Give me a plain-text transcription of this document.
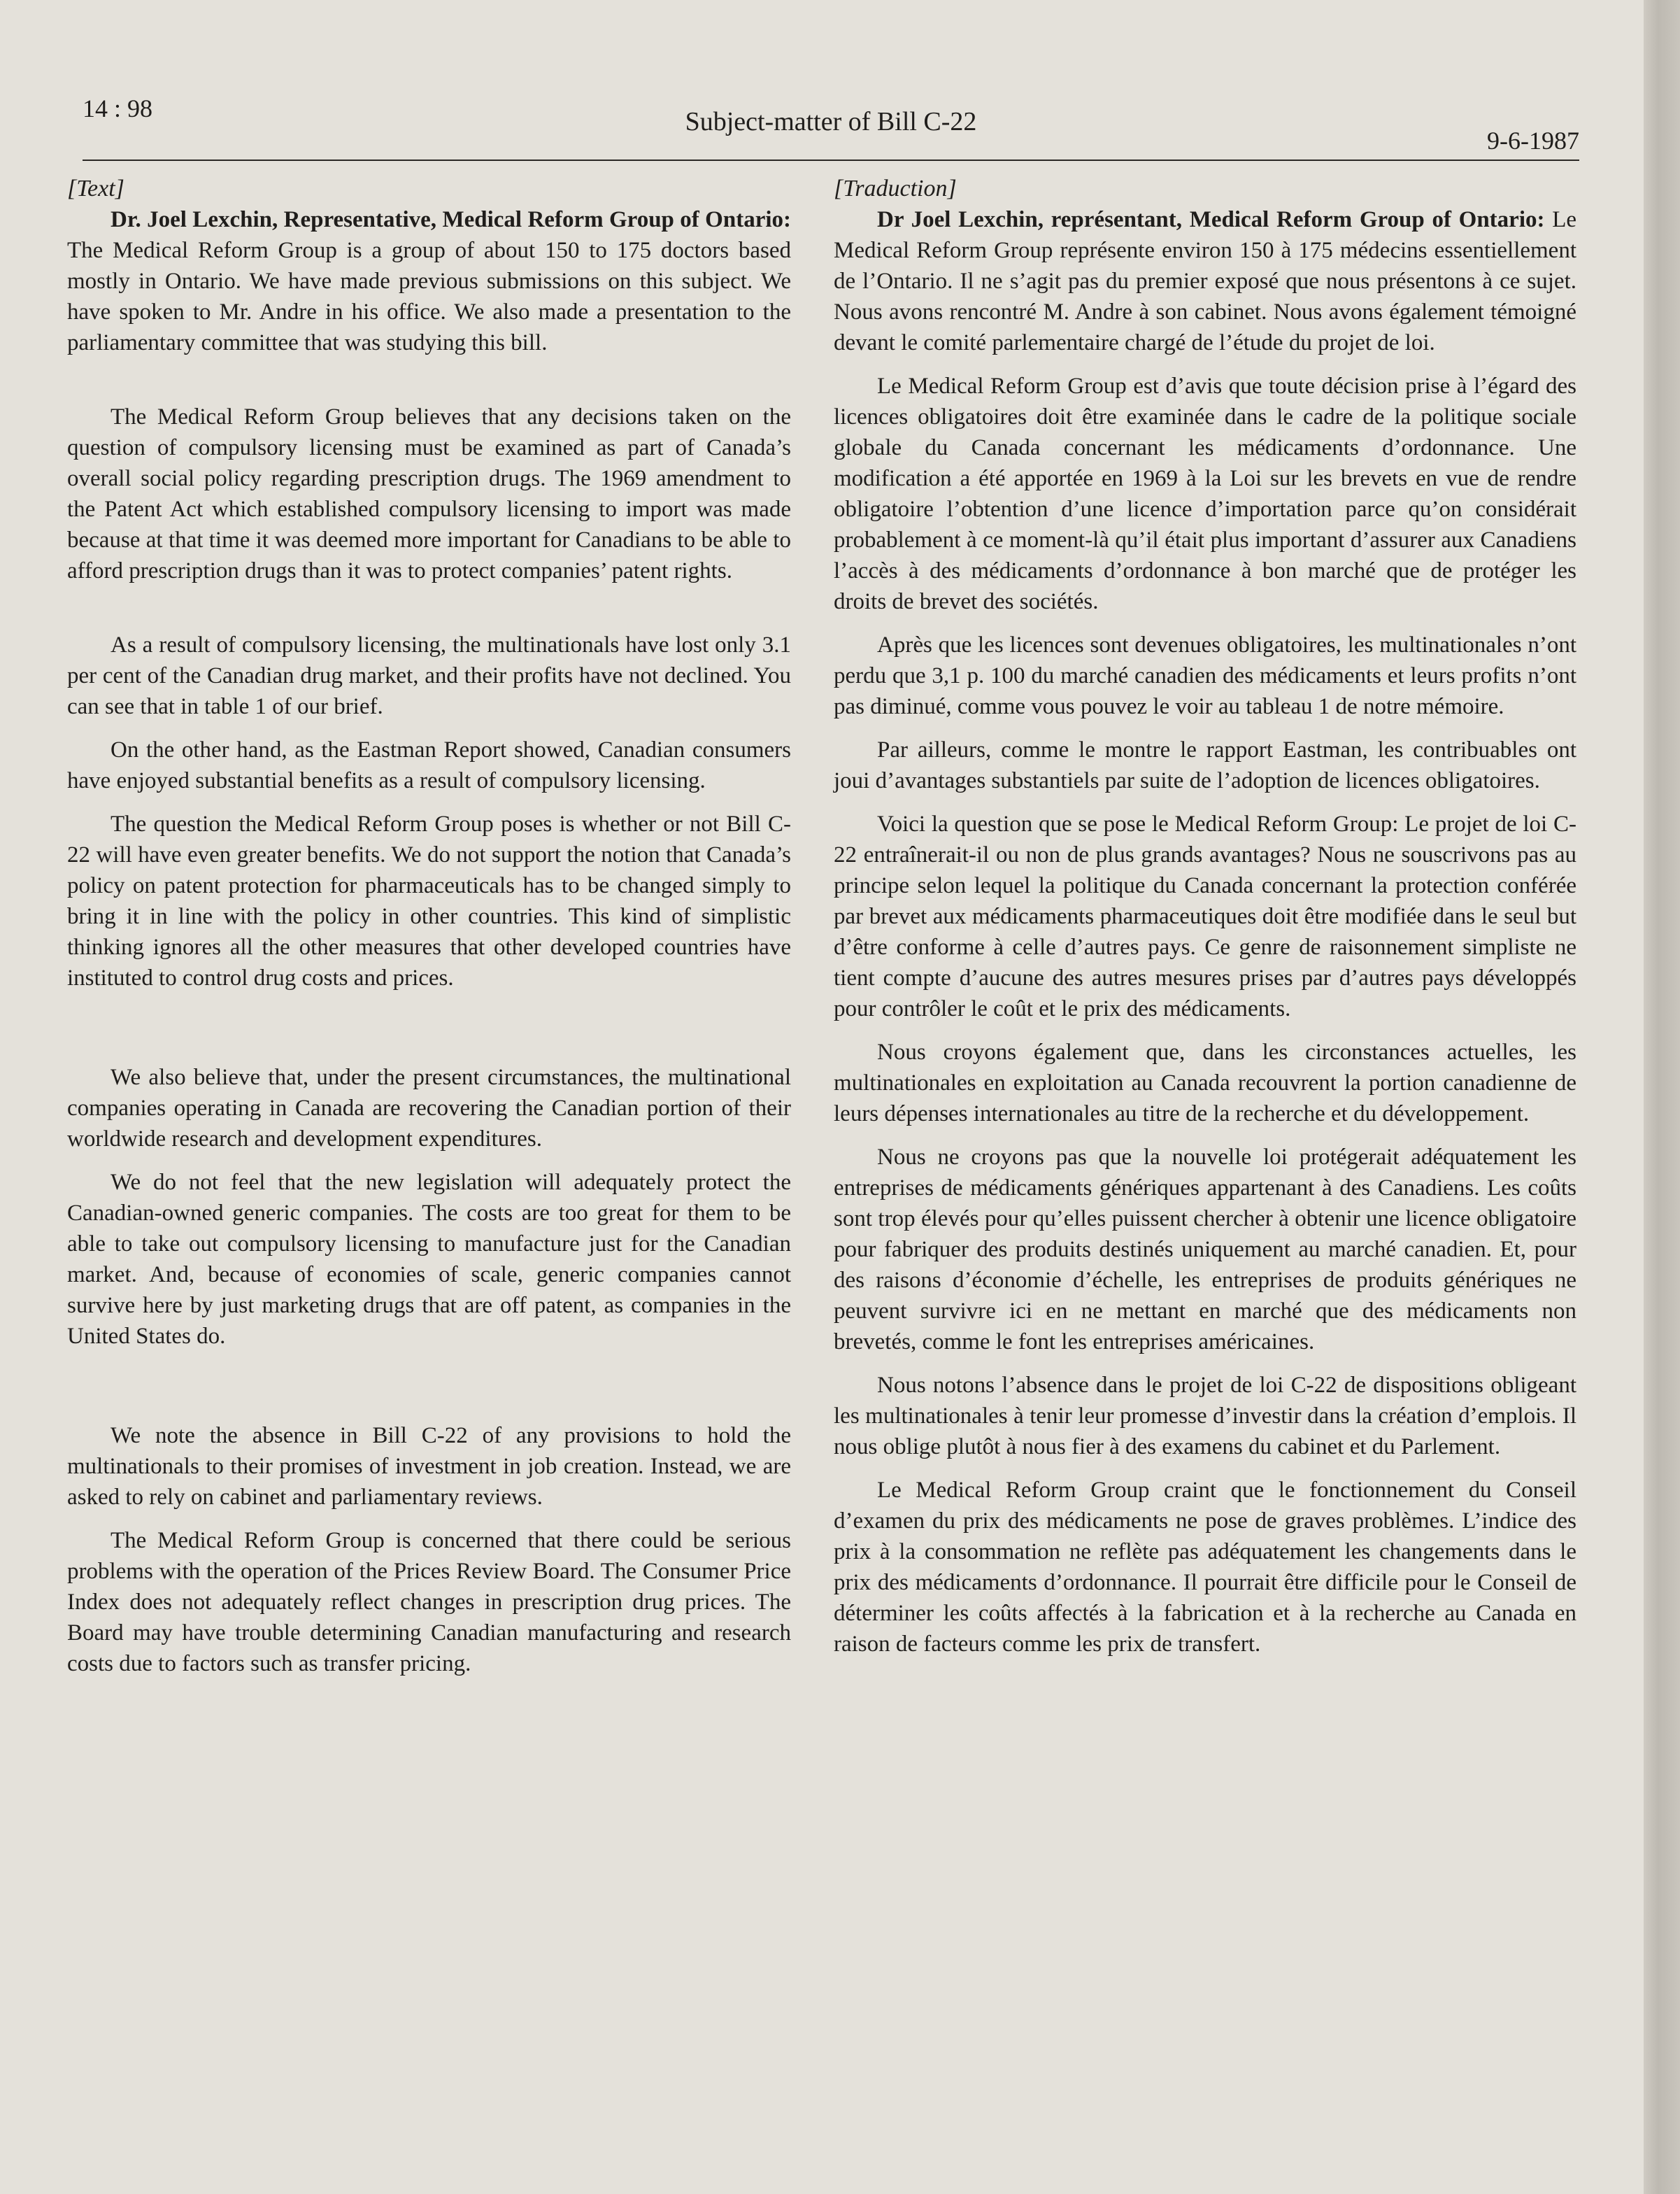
14 : 98	Subject-matter of Bill C-22
9-6-1987
[Text]

Dr. Joel Lexchin, Representative, Medical Reform Group of Ontario: The Medical Reform Group is a group of about 150 to 175 doctors based mostly in Ontario. We have made previous submissions on this subject. We have spoken to Mr. Andre in his office. We also made a presentation to the parliamentary committee that was studying this bill.

The Medical Reform Group believes that any decisions taken on the question of compulsory licensing must be examined as part of Canada’s overall social policy regarding prescription drugs. The 1969 amendment to the Patent Act which established compulsory licensing to import was made because at that time it was deemed more important for Canadians to be able to afford prescription drugs than it was to protect companies’ patent rights.

As a result of compulsory licensing, the multinationals have lost only 3.1 per cent of the Canadian drug market, and their profits have not declined. You can see that in table 1 of our brief.

On the other hand, as the Eastman Report showed, Canadian consumers have enjoyed substantial benefits as a result of compulsory licensing.

The question the Medical Reform Group poses is whether or not Bill C-22 will have even greater benefits. We do not support the notion that Canada’s policy on patent protection for pharmaceuticals has to be changed simply to bring it in line with the policy in other countries. This kind of simplistic thinking ignores all the other measures that other developed countries have instituted to control drug costs and prices.

We also believe that, under the present circumstances, the multinational companies operating in Canada are recovering the Canadian portion of their worldwide research and development expenditures.

We do not feel that the new legislation will adequately protect the Canadian-owned generic companies. The costs are too great for them to be able to take out compulsory licensing to manufacture just for the Canadian market. And, because of economies of scale, generic companies cannot survive here by just marketing drugs that are off patent, as companies in the United States do.

We note the absence in Bill C-22 of any provisions to hold the multinationals to their promises of investment in job creation. Instead, we are asked to rely on cabinet and parliamentary reviews.

The Medical Reform Group is concerned that there could be serious problems with the operation of the Prices Review Board. The Consumer Price Index does not adequately reflect changes in prescription drug prices. The Board may have trouble determining Canadian manufacturing and research costs due to factors such as transfer pricing.

[Traduction]

Dr Joel Lexchin, représentant, Medical Reform Group of Ontario: Le Medical Reform Group représente environ 150 à 175 médecins essentiellement de l’Ontario. Il ne s’agit pas du premier exposé que nous présentons à ce sujet. Nous avons rencontré M. Andre à son cabinet. Nous avons également témoigné devant le comité parlementaire chargé de l’étude du projet de loi.

Le Medical Reform Group est d’avis que toute décision prise à l’égard des licences obligatoires doit être examinée dans le cadre de la politique sociale globale du Canada concernant les médicaments d’ordonnance. Une modification a été apportée en 1969 à la Loi sur les brevets en vue de rendre obligatoire l’obtention d’une licence d’importation parce qu’on considérait probablement à ce moment-là qu’il était plus important d’assurer aux Canadiens l’accès à des médicaments d’ordonnance à bon marché que de protéger les droits de brevet des sociétés.

Après que les licences sont devenues obligatoires, les multinationales n’ont perdu que 3,1 p. 100 du marché canadien des médicaments et leurs profits n’ont pas diminué, comme vous pouvez le voir au tableau 1 de notre mémoire.

Par ailleurs, comme le montre le rapport Eastman, les contribuables ont joui d’avantages substantiels par suite de l’adoption de licences obligatoires.

Voici la question que se pose le Medical Reform Group: Le projet de loi C-22 entraînerait-il ou non de plus grands avantages? Nous ne souscrivons pas au principe selon lequel la politique du Canada concernant la protection conférée par brevet aux médicaments pharmaceutiques doit être modifiée dans le seul but d’être conforme à celle d’autres pays. Ce genre de raisonnement simpliste ne tient compte d’aucune des autres mesures prises par d’autres pays développés pour contrôler le coût et le prix des médicaments.

Nous croyons également que, dans les circonstances actuelles, les multinationales en exploitation au Canada recouvrent la portion canadienne de leurs dépenses internationales au titre de la recherche et du développement.

Nous ne croyons pas que la nouvelle loi protégerait adéquatement les entreprises de médicaments génériques appartenant à des Canadiens. Les coûts sont trop élevés pour qu’elles puissent chercher à obtenir une licence obligatoire pour fabriquer des produits destinés uniquement au marché canadien. Et, pour des raisons d’économie d’échelle, les entreprises de produits génériques ne peuvent survivre ici en ne mettant en marché que des médicaments non brevetés, comme le font les entreprises américaines.

Nous notons l’absence dans le projet de loi C-22 de dispositions obligeant les multinationales à tenir leur promesse d’investir dans la création d’emplois. Il nous oblige plutôt à nous fier à des examens du cabinet et du Parlement.

Le Medical Reform Group craint que le fonctionnement du Conseil d’examen du prix des médicaments ne pose de graves problèmes. L’indice des prix à la consommation ne reflète pas adéquatement les changements dans le prix des médicaments d’ordonnance. Il pourrait être difficile pour le Conseil de déterminer les coûts affectés à la fabrication et à la recherche au Canada en raison de facteurs comme les prix de transfert.
